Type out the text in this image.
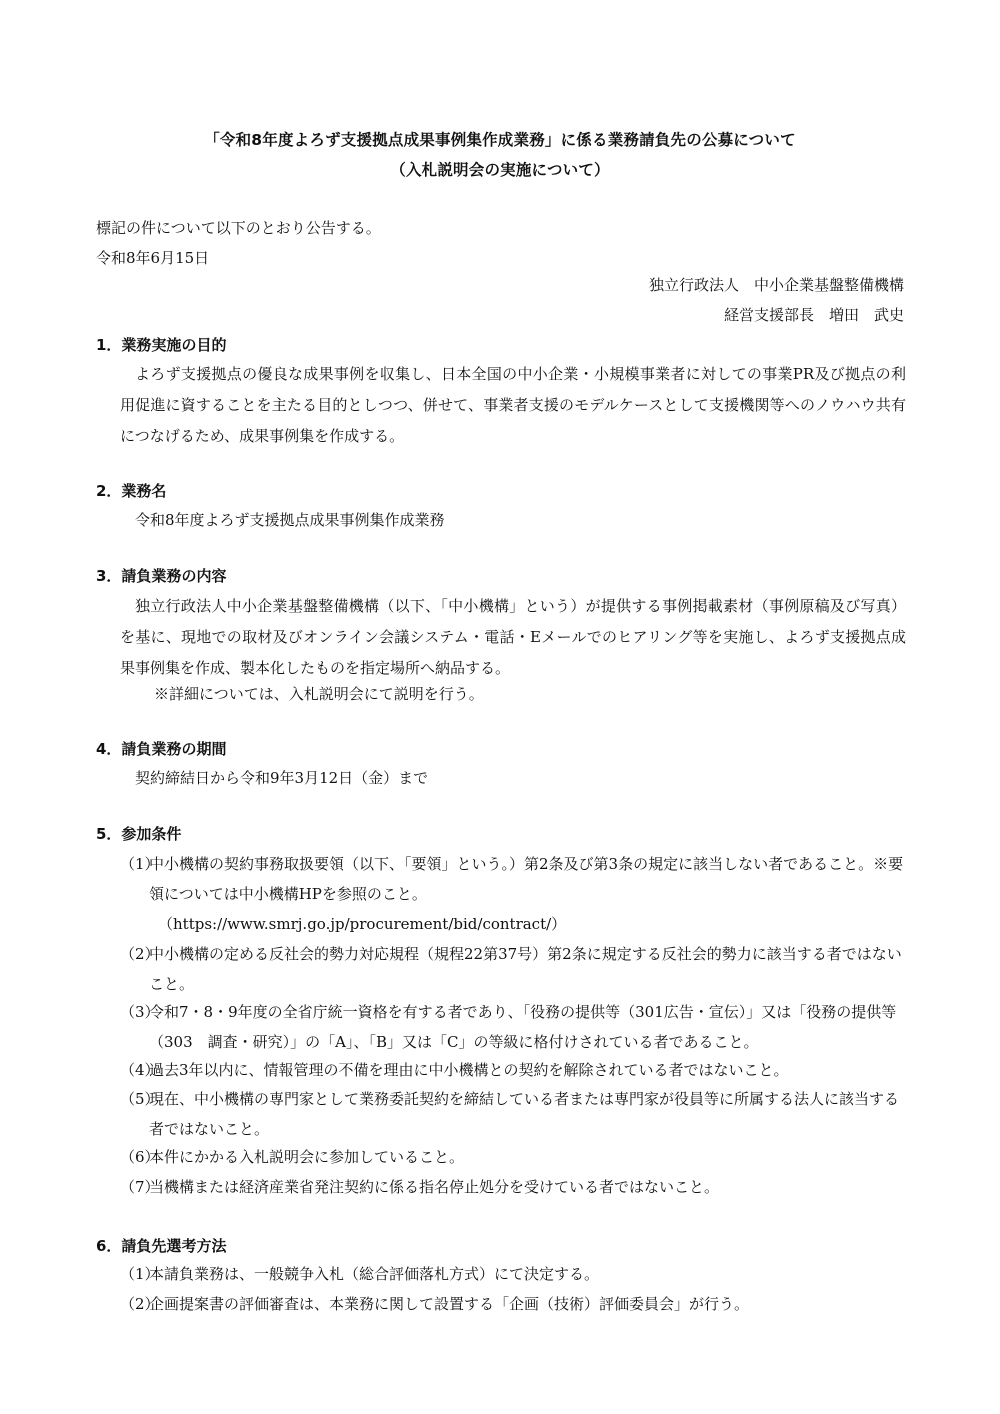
「令和8年度よろず支援拠点成果事例集作成業務」に係る業務請負先の公募について
（入札説明会の実施について）
標記の件について以下のとおり公告する。
令和8年6月15日
独立行政法人　中小企業基盤整備機構
経営支援部長　増田　武史
1．業務実施の目的
よろず支援拠点の優良な成果事例を収集し、日本全国の中小企業・小規模事業者に対しての事業PR及び拠点の利用促進に資することを主たる目的としつつ、併せて、事業者支援のモデルケースとして支援機関等へのノウハウ共有につなげるため、成果事例集を作成する。
2．業務名
令和8年度よろず支援拠点成果事例集作成業務
3．請負業務の内容
独立行政法人中小企業基盤整備機構（以下、「中小機構」という）が提供する事例掲載素材（事例原稿及び写真）を基に、現地での取材及びオンライン会議システム・電話・Eメールでのヒアリング等を実施し、よろず支援拠点成果事例集を作成、製本化したものを指定場所へ納品する。
※詳細については、入札説明会にて説明を行う。
4．請負業務の期間
契約締結日から令和9年3月12日（金）まで
5．参加条件
（1）
中小機構の契約事務取扱要領（以下、「要領」という。）第2条及び第3条の規定に該当しない者であること。※要領については中小機構HPを参照のこと。
（https://www.smrj.go.jp/procurement/bid/contract/）
（2）
中小機構の定める反社会的勢力対応規程（規程22第37号）第2条に規定する反社会的勢力に該当する者ではないこと。
（3）
令和7・8・9年度の全省庁統一資格を有する者であり、「役務の提供等（301広告・宣伝）」又は「役務の提供等（303　調査・研究）」の「A」、「B」又は「C」の等級に格付けされている者であること。
（4）
過去3年以内に、情報管理の不備を理由に中小機構との契約を解除されている者ではないこと。
（5）
現在、中小機構の専門家として業務委託契約を締結している者または専門家が役員等に所属する法人に該当する者ではないこと。
（6）
本件にかかる入札説明会に参加していること。
（7）
当機構または経済産業省発注契約に係る指名停止処分を受けている者ではないこと。
6．請負先選考方法
（1）
本請負業務は、一般競争入札（総合評価落札方式）にて決定する。
（2）
企画提案書の評価審査は、本業務に関して設置する「企画（技術）評価委員会」が行う。
